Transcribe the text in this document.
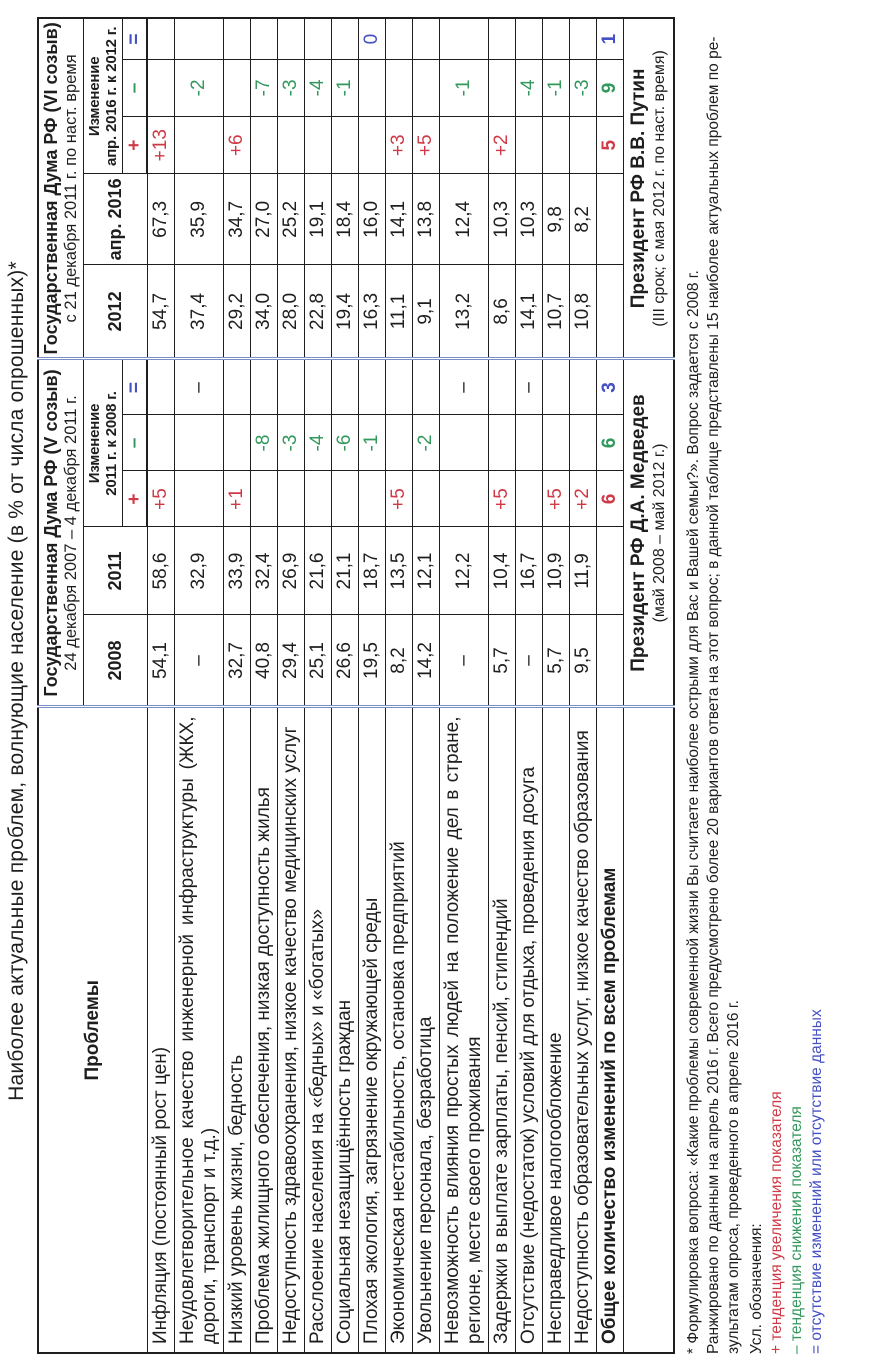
Наиболее актуальные проблем, волнующие население (в % от числа опрошенных)*	Проблемы	
Государственная Дума РФ (V созыв) 24 декабря 2007 – 4 декабря 2011 г.

Государственная Дума РФ (VI созыв) с 21 декабря 2011 г. по наст. время

2008	2011	
Изменение 2011 г. к 2008 г.
	2012	апр. 2016	
Изменение апр. 2016 г. к 2012 г.

			+	–	=			+	–	=
Инфляция (постоянный рост цен)	54,1	58,6	+5			54,7	67,3	+13		
Неудовлетворительное качество инженерной инфраструктуры (ЖКХ, дороги, транспорт и т.д.)	–	32,9			–	37,4	35,9		-2	
Низкий уровень жизни, бедность	32,7	33,9	+1			29,2	34,7	+6		
Проблема жилищного обеспечения, низкая доступность жилья	40,8	32,4		-8		34,0	27,0		-7	
Недоступность здравоохранения, низкое качество медицинских услуг	29,4	26,9		-3		28,0	25,2		-3	
Расслоение населения на «бедных» и «богатых»	25,1	21,6		-4		22,8	19,1		-4	
Социальная незащищённость граждан	26,6	21,1		-6		19,4	18,4		-1	
Плохая экология, загрязнение окружающей среды	19,5	18,7		-1		16,3	16,0			0
Экономическая нестабильность, остановка предприятий	8,2	13,5	+5			11,1	14,1	+3		
Увольнение персонала, безработица	14,2	12,1		-2		9,1	13,8	+5		
Невозможность влияния простых людей на положение дел в стране, регионе, месте своего проживания	–	12,2			–	13,2	12,4		-1	
Задержки в выплате зарплаты, пенсий, стипендий	5,7	10,4	+5			8,6	10,3	+2		
Отсутствие (недостаток) условий для отдыха, проведения досуга	–	16,7			–	14,1	10,3		-4	
Несправедливое налогообложение	5,7	10,9	+5			10,7	9,8		-1	
Недоступность образовательных услуг, низкое качество образования	9,5	11,9	+2			10,8	8,2		-3	
Общее количество изменений по всем проблемам			6	6	3			5	9	1

Президент РФ Д.А. Медведев (май 2008 – май 2012 г.)

Президент РФ В.В. Путин (III срок; с мая 2012 г. по наст. время)
* Формулировка вопроса: «Какие проблемы современной жизни Вы считаете наиболее острыми для Вас и Вашей семьи?». Вопрос задается с 2008 г. Ранжировано по данным на апрель 2016 г. Всего предусмотрено более 20 вариантов ответа на этот вопрос; в данной таблице представлены 15 наиболее актуальных проблем по ре- зультатам опроса, проведенного в апреле 2016 г. Усл. обозначения: + тенденция увеличения показателя – тенденция снижения показателя = отсутствие изменений или отсутствие данных
